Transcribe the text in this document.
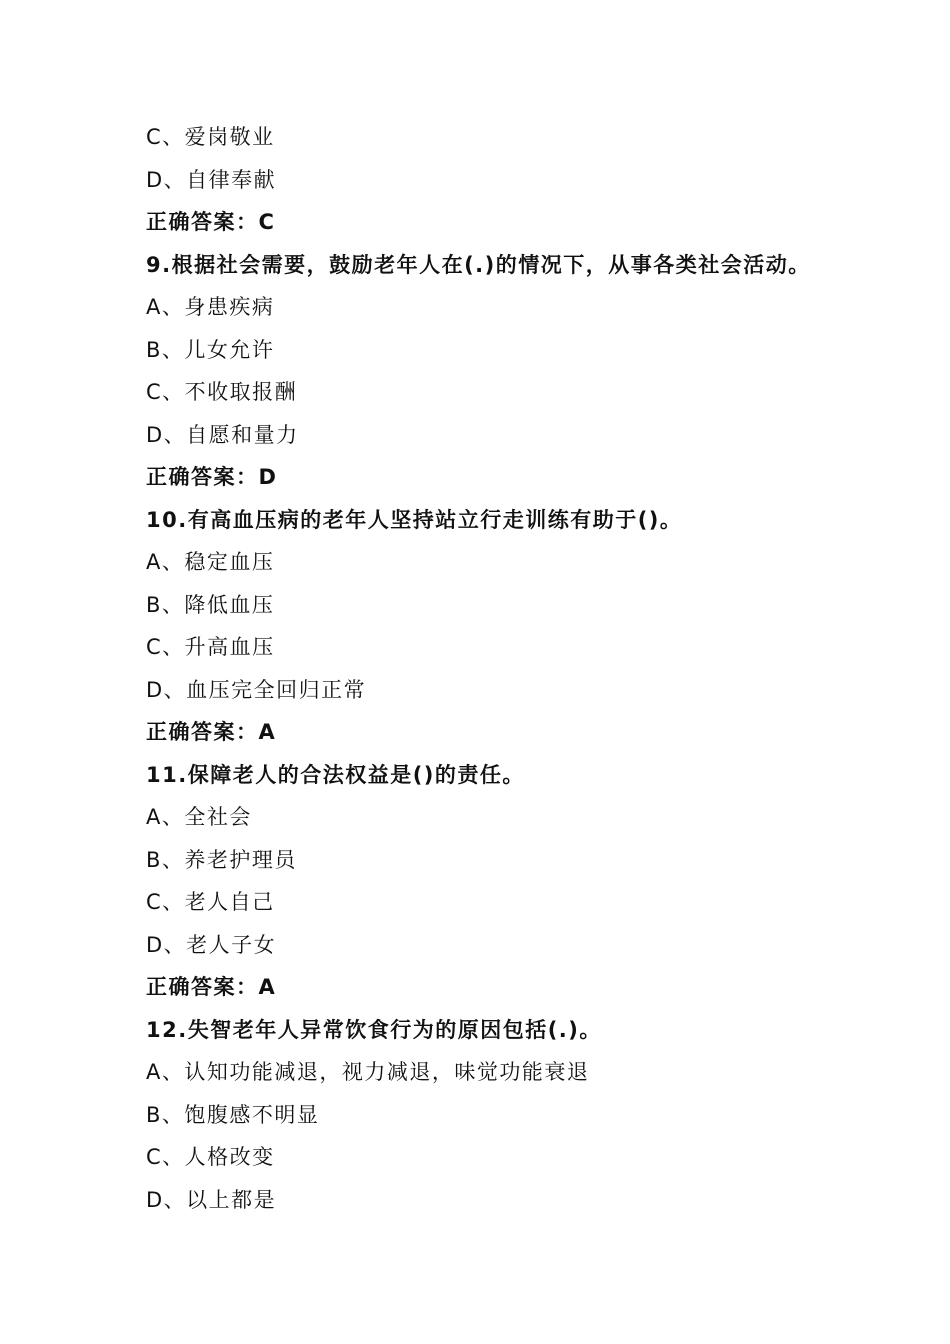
C、爱岗敬业
D、自律奉献
正确答案：C
9.根据社会需要，鼓励老年人在(.)的情况下，从事各类社会活动。
A、身患疾病
B、儿女允许
C、不收取报酬
D、自愿和量力
正确答案：D
10.有高血压病的老年人坚持站立行走训练有助于()。
A、稳定血压
B、降低血压
C、升高血压
D、血压完全回归正常
正确答案：A
11.保障老人的合法权益是()的责任。
A、全社会
B、养老护理员
C、老人自己
D、老人子女
正确答案：A
12.失智老年人异常饮食行为的原因包括(.)。
A、认知功能减退，视力减退，味觉功能衰退
B、饱腹感不明显
C、人格改变
D、以上都是
